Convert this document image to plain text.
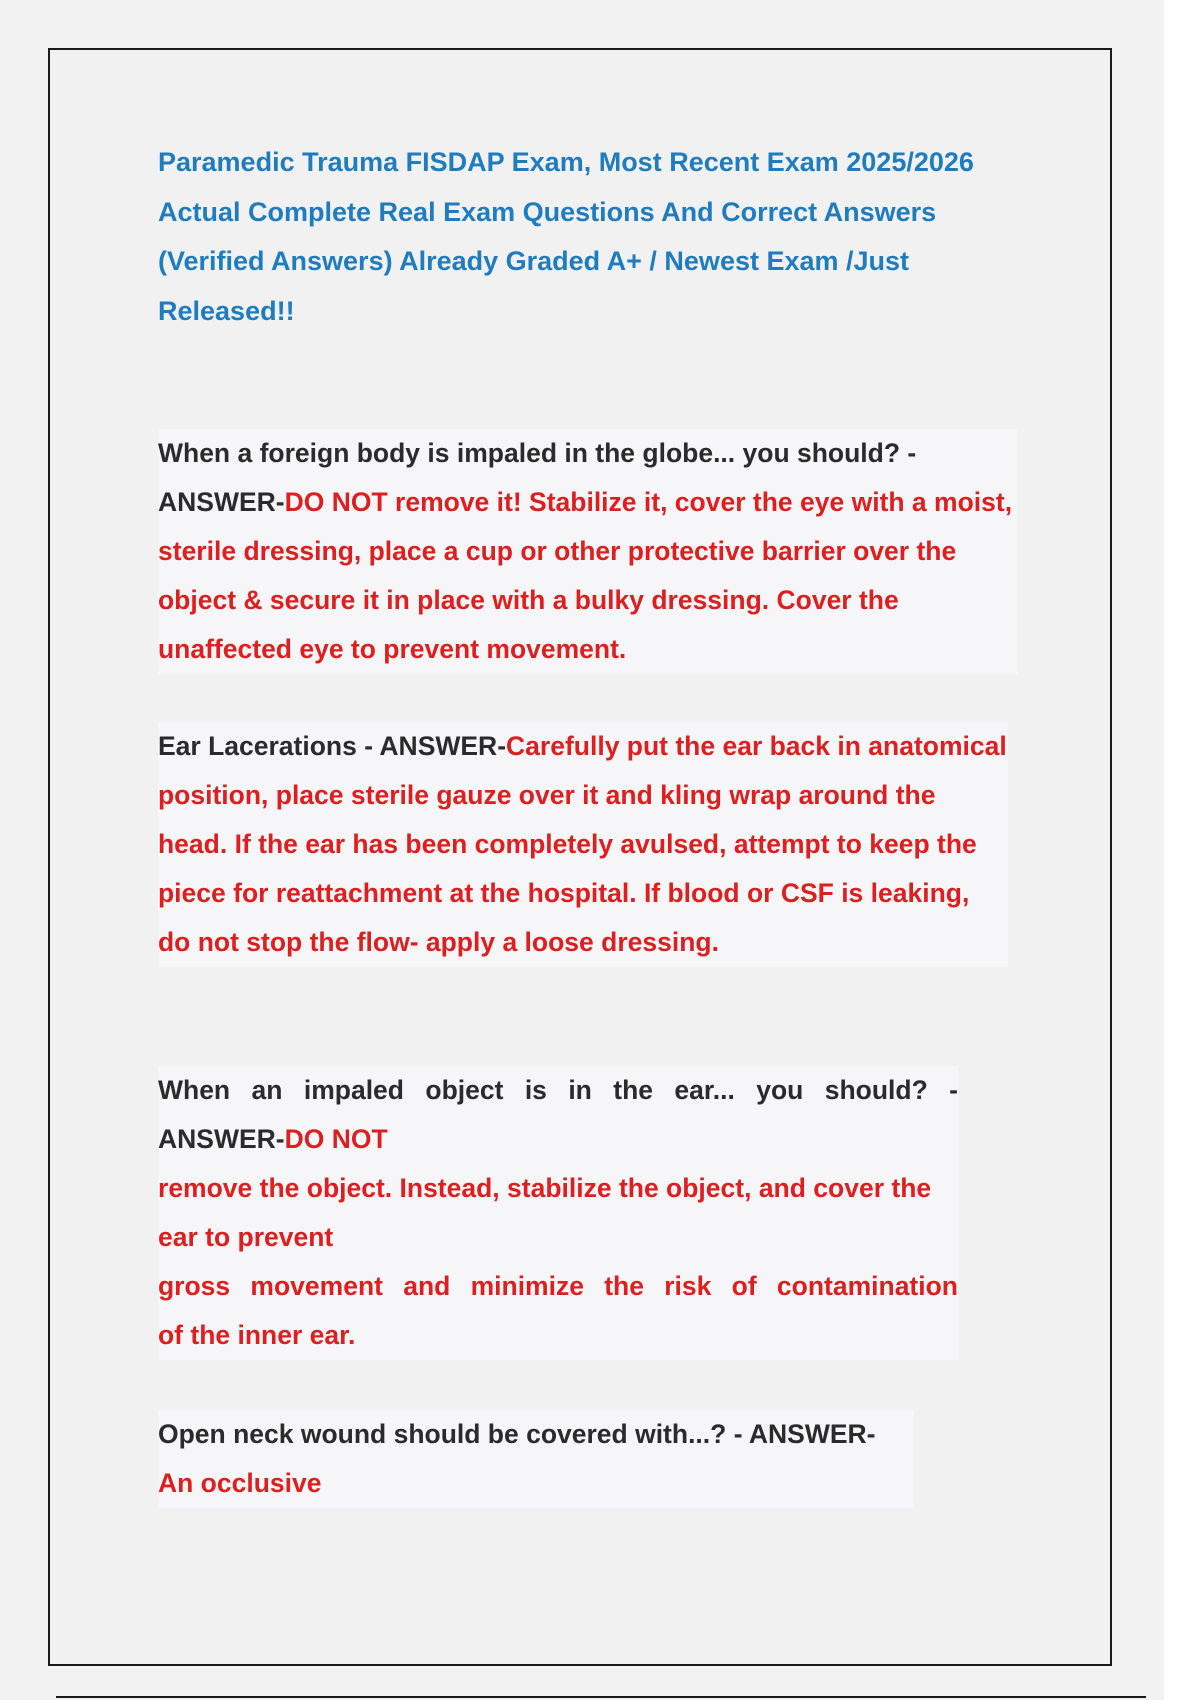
Paramedic Trauma FISDAP Exam, Most Recent Exam 2025/2026
Actual Complete Real Exam Questions And Correct Answers
(Verified Answers) Already Graded A+ / Newest Exam /Just
Released!!

When a foreign body is impaled in the globe... you should? - ANSWER-DO NOT remove it! Stabilize it, cover the eye with a moist, sterile dressing, place a cup or other protective barrier over the object & secure it in place with a bulky dressing. Cover the unaffected eye to prevent movement.

Ear Lacerations - ANSWER-Carefully put the ear back in anatomical position, place sterile gauze over it and kling wrap around the head. If the ear has been completely avulsed, attempt to keep the piece for reattachment at the hospital. If blood or CSF is leaking, do not stop the flow- apply a loose dressing.

When an impaled object is in the ear... you should? -
ANSWER-DO NOT
remove the object. Instead, stabilize the object, and cover the
ear to prevent
gross movement and minimize the risk of contamination
of the inner ear.

Open neck wound should be covered with...? - ANSWER-
An occlusive
